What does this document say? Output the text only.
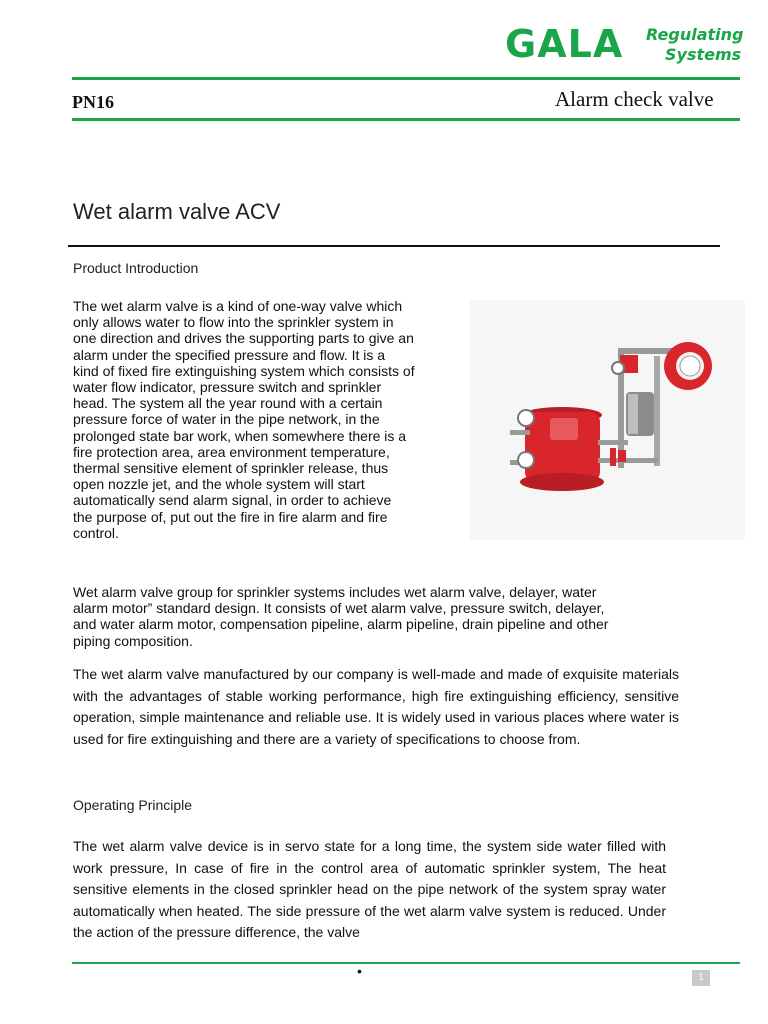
GALA Regulating
Systems
PN16	Alarm check valve
Wet alarm valve ACV
Product Introduction
The wet alarm valve is a kind of one-way valve which
only allows water to flow into the sprinkler system in
one direction and drives the supporting parts to give an
alarm under the specified pressure and flow. It is a
kind of fixed fire extinguishing system which consists of
water flow indicator, pressure switch and sprinkler
head. The system all the year round with a certain
pressure force of water in the pipe network, in the
prolonged state bar work, when somewhere there is a
fire protection area, area environment temperature,
thermal sensitive element of sprinkler release, thus
open nozzle jet, and the whole system will start
automatically send alarm signal, in order to achieve
the purpose of, put out the fire in fire alarm and fire
control.
Wet alarm valve group for sprinkler systems includes wet alarm valve, delayer, water
alarm motor” standard design. It consists of wet alarm valve, pressure switch, delayer,
and water alarm motor, compensation pipeline, alarm pipeline, drain pipeline and other
piping composition.
The wet alarm valve manufactured by our company is well-made and made of exquisite materials with the advantages of stable working performance, high fire extinguishing efficiency, sensitive operation, simple maintenance and reliable use. It is widely used in various places where water is used for fire extinguishing and there are a variety of specifications to choose from.
Operating Principle
The wet alarm valve device is in servo state for a long time, the system side water filled with work pressure, In case of fire in the control area of automatic sprinkler system, The heat sensitive elements in the closed sprinkler head on the pipe network of the system spray water automatically when heated. The side pressure of the wet alarm valve system is reduced. Under the action of the pressure difference, the valve
•	1
